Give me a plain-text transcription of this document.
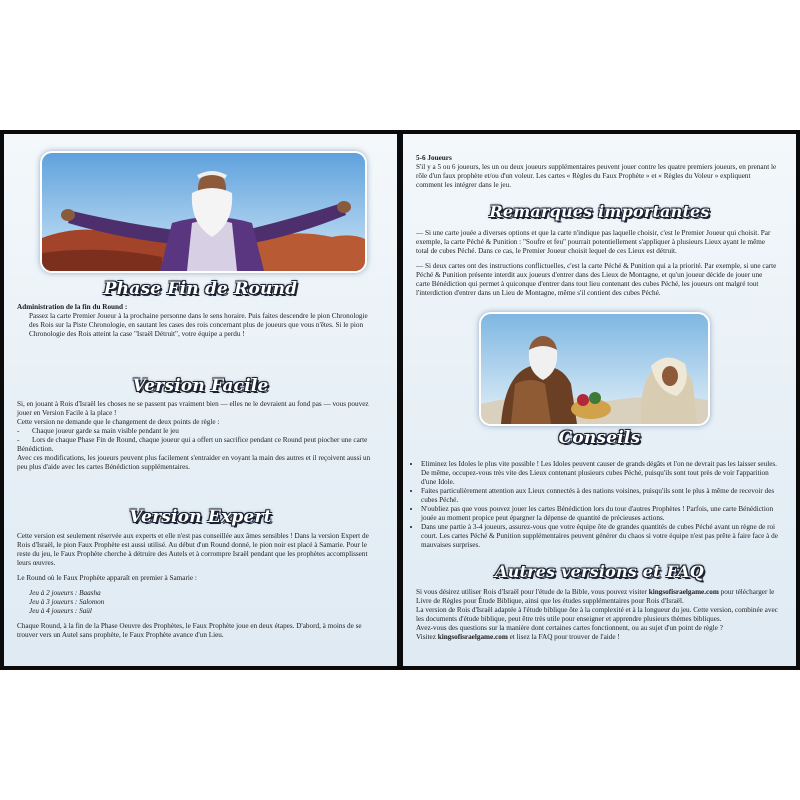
Phase Fin de Round

Administration de la fin du Round :

Passez la carte Premier Joueur à la prochaine personne dans le sens horaire. Puis faites descendre le pion Chronologie des Rois sur la Piste Chronologie, en sautant les cases des rois concernant plus de joueurs que vous n'êtes. Si le pion Chronologie des Rois atteint la case "Israël Détruit", votre équipe a perdu !

Version Facile

Si, en jouant à Rois d'Israël les choses ne se passent pas vraiment bien — elles ne le devraient au fond pas — vous pouvez jouer en Version Facile à la place !

Cette version ne demande que le changement de deux points de règle :

-       Chaque joueur garde sa main visible pendant le jeu

-       Lors de chaque Phase Fin de Round, chaque joueur qui a offert un sacrifice pendant ce Round peut piocher une carte Bénédiction.

Avec ces modifications, les joueurs peuvent plus facilement s'entraider en voyant la main des autres et il reçoivent aussi un peu plus d'aide avec les cartes Bénédiction supplémentaires.

Version Expert

Cette version est seulement réservée aux experts et elle n'est pas conseillée aux âmes sensibles ! Dans la version Expert de Rois d'Israël, le pion Faux Prophète est aussi utilisé. Au début d'un Round donné, le pion noir est placé à Samarie. Pour le reste du jeu, le Faux Prophète cherche à détruire des Autels et à corrompre Israël pendant que les prophètes accomplissent leurs œuvres.

Le Round où le Faux Prophète apparaît en premier à Samarie :

Jeu à 2 joueurs : Baasha

Jeu à 3 joueurs : Salomon

Jeu à 4 joueurs : Saül

Chaque Round, à la fin de la Phase Oeuvre des Prophètes, le Faux Prophète joue en deux étapes. D'abord, à moins de se trouver vers un Autel sans prophète, le Faux Prophète avance d'un Lieu.

5-6 Joueurs

S'il y a 5 ou 6 joueurs, les un ou deux joueurs supplémentaires peuvent jouer contre les quatre premiers joueurs, en prenant le rôle d'un faux prophète et/ou d'un voleur. Les cartes « Règles du Faux Prophète » et « Règles du Voleur » expliquent comment les intégrer dans le jeu.

Remarques importantes

— Si une carte jouée a diverses options et que la carte n'indique pas laquelle choisir, c'est le Premier Joueur qui choisit. Par exemple, la carte Péché & Punition : "Soufre et feu" pourrait potentiellement s'appliquer à plusieurs Lieux ayant le même total de cubes Péché. Dans ce cas, le Premier Joueur choisit lequel de ces Lieux est détruit.

— Si deux cartes ont des instructions conflictuelles, c'est la carte Péché & Punition qui a la priorité. Par exemple, si une carte Péché & Punition présente interdit aux joueurs d'entrer dans des Lieux de Montagne, et qu'un joueur décide de jouer une carte Bénédiction qui permet à quiconque d'entrer dans tout lieu contenant des cubes Péché, les joueurs ont malgré tout l'interdiction d'entrer dans un Lieu de Montagne, même s'il contient des cubes Péché.

Conseils
• Eliminez les Idoles le plus vite possible ! Les Idoles peuvent causer de grands dégâts et l'on ne devrait pas les laisser seules. De même, occupez-vous très vite des Lieux contenant plusieurs cubes Péché, puisqu'ils sont tout près de voir l'apparition d'une Idole.
• Faites particulièrement attention aux Lieux connectés à des nations voisines, puisqu'ils sont le plus à même de recevoir des cubes Péché.
• N'oubliez pas que vous pouvez jouer les cartes Bénédiction lors du tour d'autres Prophètes ! Parfois, une carte Bénédiction jouée au moment propice peut épargner la dépense de quantité de précieuses actions.
• Dans une partie à 3-4 joueurs, assurez-vous que votre équipe ôte de grandes quantités de cubes Péché avant un règne de roi court. Les cartes Péché & Punition supplémentaires peuvent générer du chaos si votre équipe n'est pas prête à faire face à de mauvaises surprises.
Autres versions et FAQ

Si vous désirez utiliser Rois d'Israël pour l'étude de la Bible, vous pouvez visiter kingsofisraelgame.com pour télécharger le Livre de Règles pour Étude Biblique, ainsi que les études supplémentaires pour Rois d'Israël.

La version de Rois d'Israël adaptée à l'étude biblique ôte à la complexité et à la longueur du jeu. Cette version, combinée avec les documents d'étude biblique, peut être très utile pour enseigner et apprendre plusieurs thèmes bibliques.

Avez-vous des questions sur la manière dont certaines cartes fonctionnent, ou au sujet d'un point de règle ?

Visitez kingsofisraelgame.com et lisez la FAQ pour trouver de l'aide !
